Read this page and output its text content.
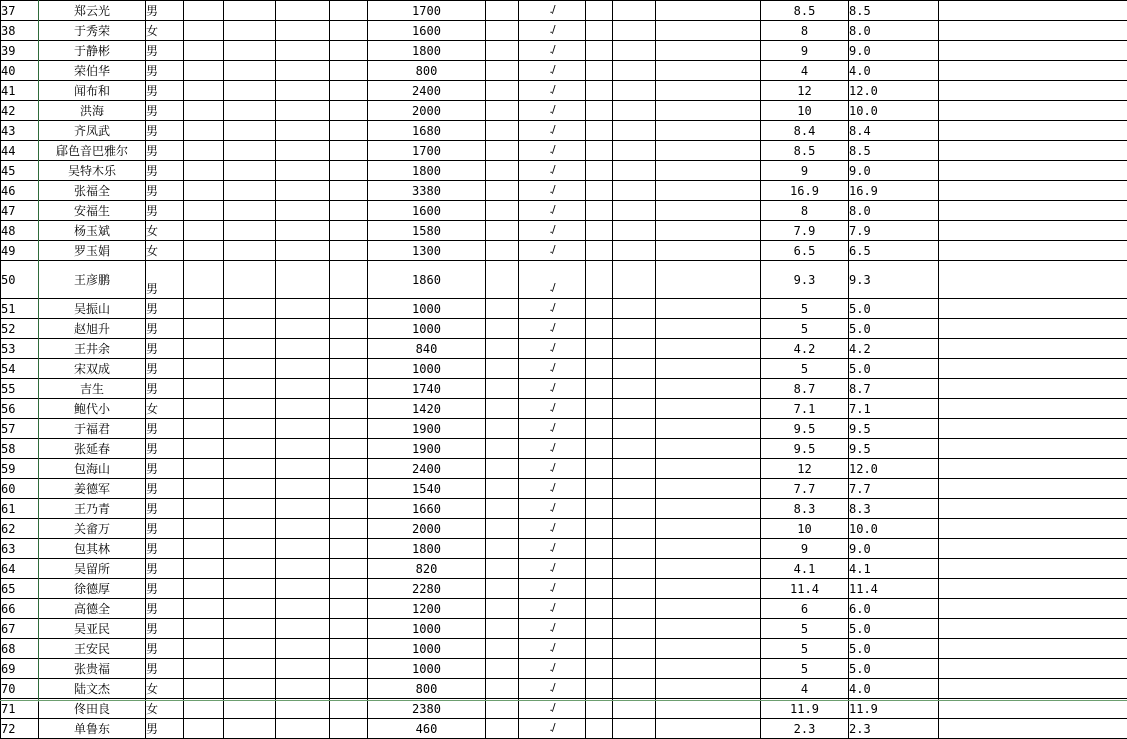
37	郑云光	男					1700		./				8.5	8.5	
38	于秀荣	女					1600		./				8	8.0	
39	于静彬	男					1800		./				9	9.0	
40	荣伯华	男					800		./				4	4.0	
41	闻布和	男					2400		./				12	12.0	
42	洪海	男					2000		./				10	10.0	
43	齐凤武	男					1680		./				8.4	8.4	
44	郈色音巴雅尔	男					1700		./				8.5	8.5	
45	吴特木乐	男					1800		./				9	9.0	
46	张福全	男					3380		./				16.9	16.9	
47	安福生	男					1600		./				8	8.0	
48	杨玉斌	女					1580		./				7.9	7.9	
49	罗玉娟	女					1300		./				6.5	6.5	
50	王彦鹏	男					1860		./				9.3	9.3	
51	吴振山	男					1000		./				5	5.0	
52	赵旭升	男					1000		./				5	5.0	
53	王井余	男					840		./				4.2	4.2	
54	宋双成	男					1000		./				5	5.0	
55	吉生	男					1740		./				8.7	8.7	
56	鲍代小	女					1420		./				7.1	7.1	
57	于福君	男					1900		./				9.5	9.5	
58	张延春	男					1900		./				9.5	9.5	
59	包海山	男					2400		./				12	12.0	
60	姜德军	男					1540		./				7.7	7.7	
61	王乃青	男					1660		./				8.3	8.3	
62	关畲万	男					2000		./				10	10.0	
63	包其林	男					1800		./				9	9.0	
64	吴留所	男					820		./				4.1	4.1	
65	徐德厚	男					2280		./				11.4	11.4	
66	高德全	男					1200		./				6	6.0	
67	吴亚民	男					1000		./				5	5.0	
68	王安民	男					1000		./				5	5.0	
69	张贵福	男					1000		./				5	5.0	
70	陆文杰	女					800		./				4	4.0	
71	佟田良	女					2380		./				11.9	11.9	
72	单鲁东	男					460		./				2.3	2.3	
